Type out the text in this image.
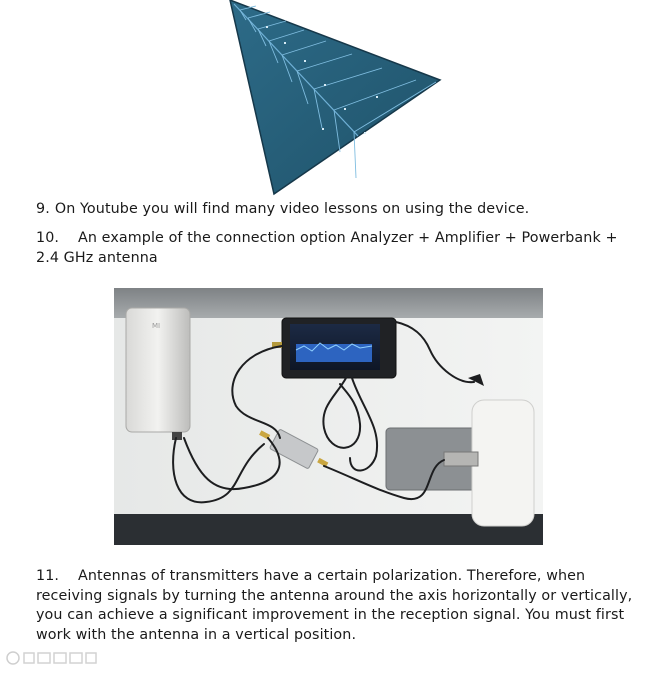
9. On Youtube you will find many video lessons on using the device.
10. An example of the connection option Analyzer + Amplifier + Powerbank + 2.4 GHz antenna
MI
11. Antennas of transmitters have a certain polarization. Therefore, when receiving signals by turning the antenna around the axis horizontally or vertically, you can achieve a significant improvement in the reception signal. You must first work with the antenna in a vertical position.
